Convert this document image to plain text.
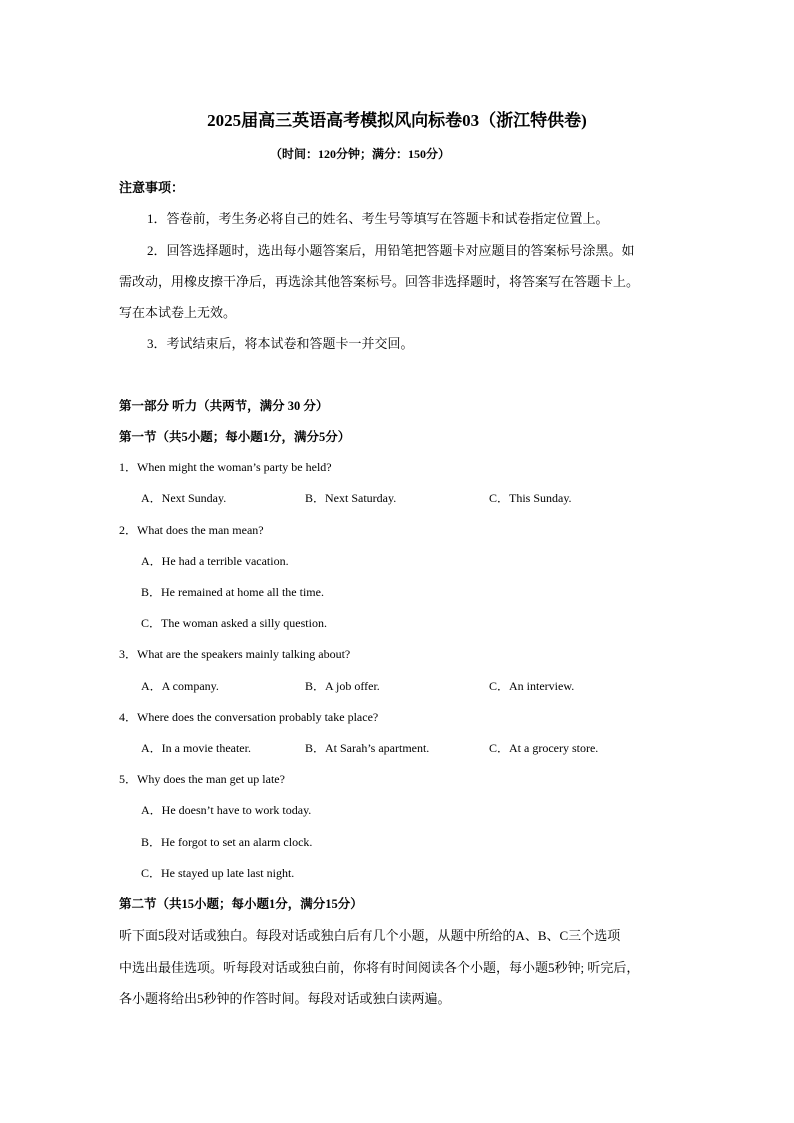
2025届高三英语高考模拟风向标卷03（浙江特供卷)
（时间：120分钟；满分：150分）
注意事项：
1．答卷前，考生务必将自己的姓名、考生号等填写在答题卡和试卷指定位置上。
2．回答选择题时，选出每小题答案后，用铅笔把答题卡对应题目的答案标号涂黑。如
需改动，用橡皮擦干净后，再选涂其他答案标号。回答非选择题时，将答案写在答题卡上。
写在本试卷上无效。
3．考试结束后，将本试卷和答题卡一并交回。
第一部分 听力（共两节，满分 30 分）
第一节（共5小题；每小题1分，满分5分）
1．When might the woman’s party be held?
A．Next Sunday.	B．Next Saturday.	C．This Sunday.
2．What does the man mean?
A．He had a terrible vacation.
B．He remained at home all the time.
C．The woman asked a silly question.
3．What are the speakers mainly talking about?
A．A company.	B．A job offer.	C．An interview.
4．Where does the conversation probably take place?
A．In a movie theater.	B．At Sarah’s apartment.	C．At a grocery store.
5．Why does the man get up late?
A．He doesn’t have to work today.
B．He forgot to set an alarm clock.
C．He stayed up late last night.
第二节（共15小题；每小题1分，满分15分）
听下面5段对话或独白。每段对话或独白后有几个小题，从题中所给的A、B、C三个选项
中选出最佳选项。听每段对话或独白前，你将有时间阅读各个小题，每小题5秒钟; 听完后，
各小题将给出5秒钟的作答时间。每段对话或独白读两遍。
